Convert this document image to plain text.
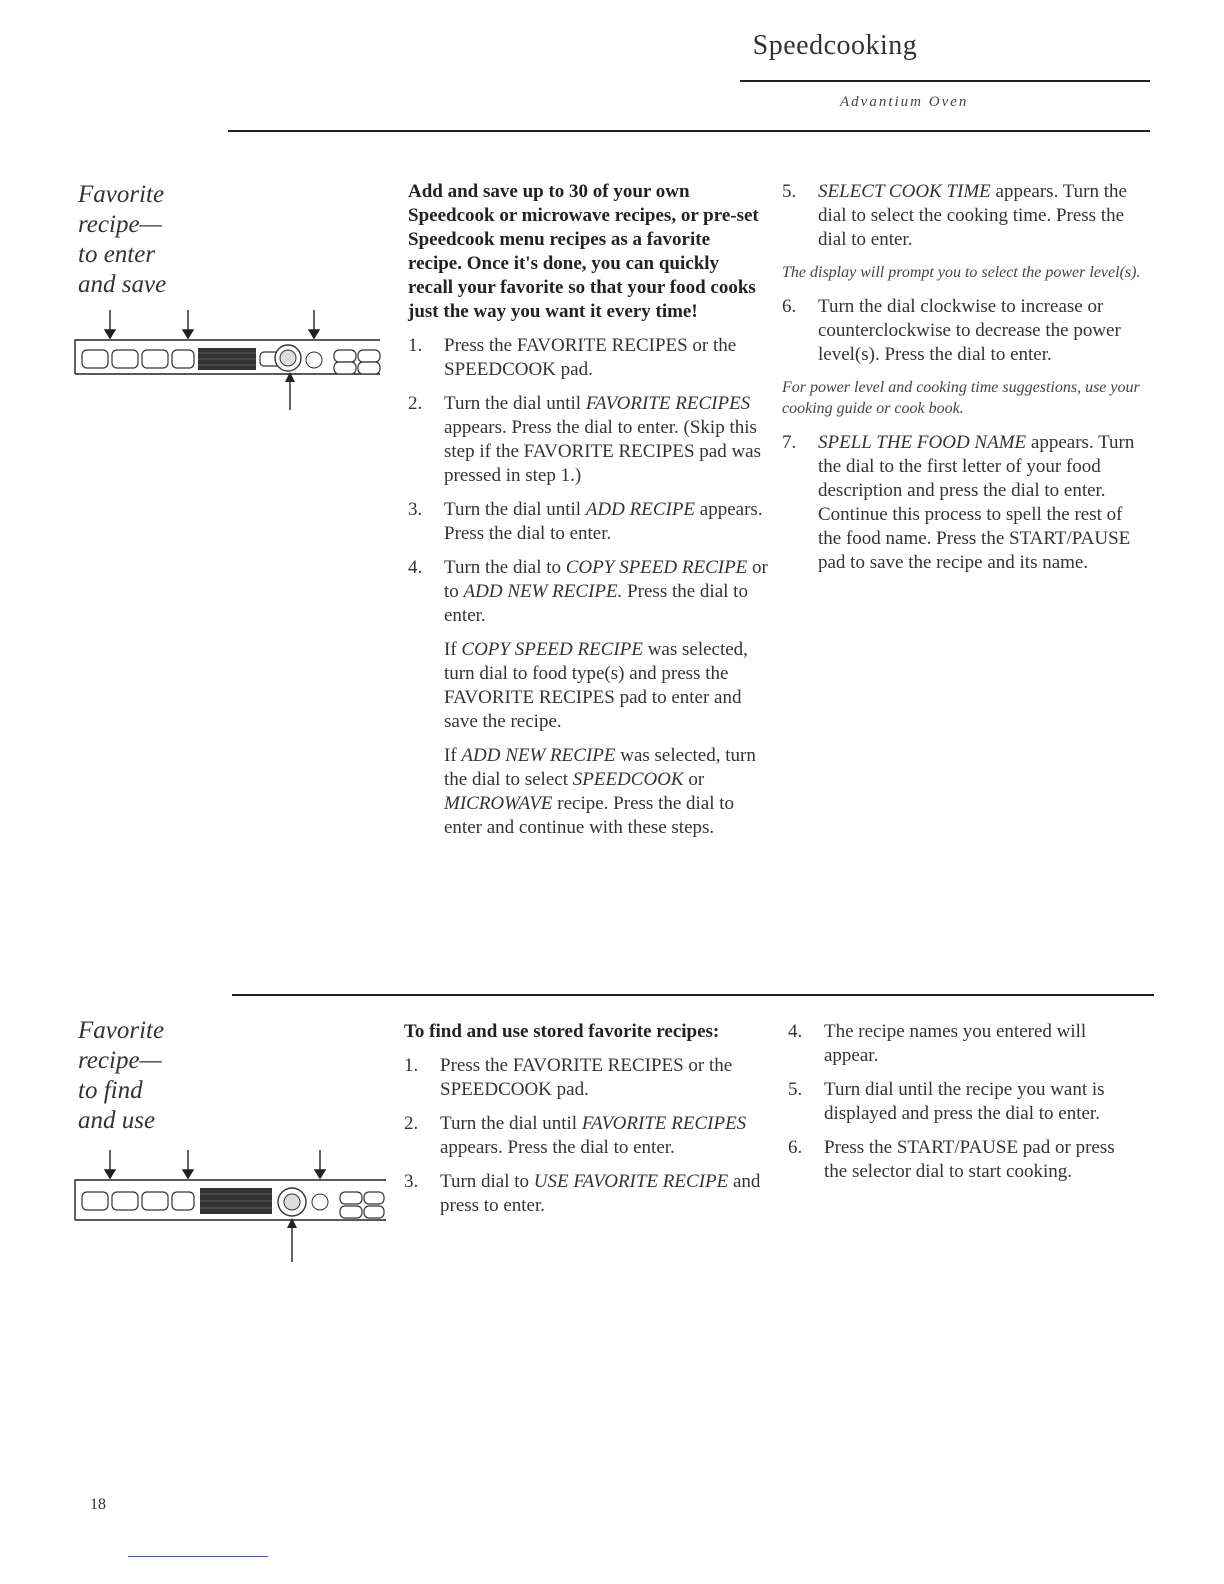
Speedcooking
Advantium Oven
Favorite
recipe—
to enter
and save

Add and save up to 30 of your own Speedcook or microwave recipes, or pre-set Speedcook menu recipes as a favorite recipe. Once it's done, you can quickly recall your favorite so that your food cooks just the way you want it every time!

1. Press the FAVORITE RECIPES or the SPEEDCOOK pad.
2. Turn the dial until FAVORITE RECIPES appears. Press the dial to enter. (Skip this step if the FAVORITE RECIPES pad was pressed in step 1.)
3. Turn the dial until ADD RECIPE appears. Press the dial to enter.
4. Turn the dial to COPY SPEED RECIPE or to ADD NEW RECIPE. Press the dial to enter.
If COPY SPEED RECIPE was selected, turn dial to food type(s) and press the FAVORITE RECIPES pad to enter and save the recipe.
If ADD NEW RECIPE was selected, turn the dial to select SPEEDCOOK or MICROWAVE recipe. Press the dial to enter and continue with these steps.
5. SELECT COOK TIME appears. Turn the dial to select the cooking time. Press the dial to enter.

The display will prompt you to select the power level(s).

6. Turn the dial clockwise to increase or counterclockwise to decrease the power level(s). Press the dial to enter.

For power level and cooking time suggestions, use your cooking guide or cook book.

7. SPELL THE FOOD NAME appears. Turn the dial to the first letter of your food description and press the dial to enter. Continue this process to spell the rest of the food name. Press the START/PAUSE pad to save the recipe and its name.
Favorite
recipe—
to find
and use

To find and use stored favorite recipes:

1. Press the FAVORITE RECIPES or the SPEEDCOOK pad.
2. Turn the dial until FAVORITE RECIPES appears. Press the dial to enter.
3. Turn dial to USE FAVORITE RECIPE and press to enter.
4. The recipe names you entered will appear.
5. Turn dial until the recipe you want is displayed and press the dial to enter.
6. Press the START/PAUSE pad or press the selector dial to start cooking.
18
